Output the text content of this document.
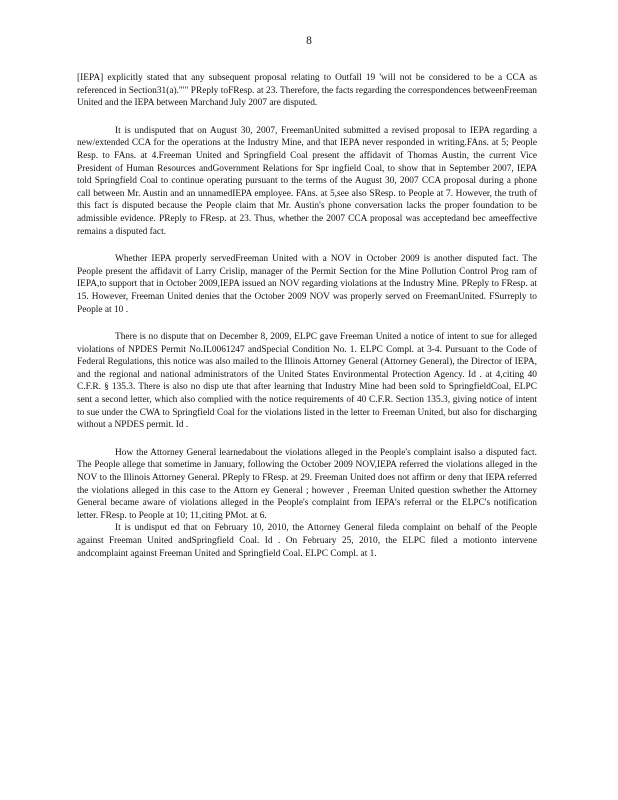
8

[IEPA] explicitly stated that any subsequent proposal relating to Outfall 19 'will not be considered to be a CCA as referenced in Section31(a).'"" PReply toFResp. at 23. Therefore, the facts regarding the correspondences betweenFreeman United and the IEPA between Marchand July 2007 are disputed.

It is undisputed that on August 30, 2007, FreemanUnited submitted a revised proposal to IEPA regarding a new/extended CCA for the operations at the Industry Mine, and that IEPA never responded in writing.FAns. at 5; People Resp. to FAns. at 4.Freeman United and Springfield Coal present the affidavit of Thomas Austin, the current Vice President of Human Resources andGovernment Relations for Spr ingfield Coal, to show that in September 2007, IEPA told Springfield Coal to continue operating pursuant to the terms of the August 30, 2007 CCA proposal during a phone call between Mr. Austin and an unnamedIEPA employee. FAns. at 5,see also SResp. to People at 7. However, the truth of this fact is disputed because the People claim that Mr. Austin's phone conversation lacks the proper foundation to be admissible evidence. PReply to FResp. at 23. Thus, whether the 2007 CCA proposal was acceptedand bec ameeffective remains a disputed fact.

Whether IEPA properly servedFreeman United with a NOV in October 2009 is another disputed fact. The People present the affidavit of Larry Crislip, manager of the Permit Section for the Mine Pollution Control Prog ram of IEPA,to support that in October 2009,IEPA issued an NOV regarding violations at the Industry Mine. PReply to FResp. at 15. However, Freeman United denies that the October 2009 NOV was properly served on FreemanUnited. FSurreply to People at 10 .

There is no dispute that on December 8, 2009, ELPC gave Freeman United a notice of intent to sue for alleged violations of NPDES Permit No.IL0061247 andSpecial Condition No. 1. ELPC Compl. at 3-4. Pursuant to the Code of Federal Regulations, this notice was also mailed to the Illinois Attorney General (Attorney General), the Director of IEPA, and the regional and national administrators of the United States Environmental Protection Agency. Id . at 4,citing 40 C.F.R. § 135.3. There is also no disp ute that after learning that Industry Mine had been sold to SpringfieldCoal, ELPC sent a second letter, which also complied with the notice requirements of 40 C.F.R. Section 135.3, giving notice of intent to sue under the CWA to Springfield Coal for the violations listed in the letter to Freeman United, but also for discharging without a NPDES permit. Id .

How the Attorney General learnedabout the violations alleged in the People's complaint isalso a disputed fact. The People allege that sometime in January, following the October 2009 NOV,IEPA referred the violations alleged in the NOV to the Illinois Attorney General. PReply to FResp. at 29. Freeman United does not affirm or deny that IEPA referred the violations alleged in this case to the Attorn ey General ; however , Freeman United question swhether the Attorney General became aware of violations alleged in the People's complaint from IEPA's referral or the ELPC's notification letter. FResp. to People at 10; 11,citing PMot. at 6.

It is undisput ed that on February 10, 2010, the Attorney General fileda complaint on behalf of the People against Freeman United andSpringfield Coal. Id . On February 25, 2010, the ELPC filed a motionto intervene andcomplaint against Freeman United and Springfield Coal. ELPC Compl. at 1.
